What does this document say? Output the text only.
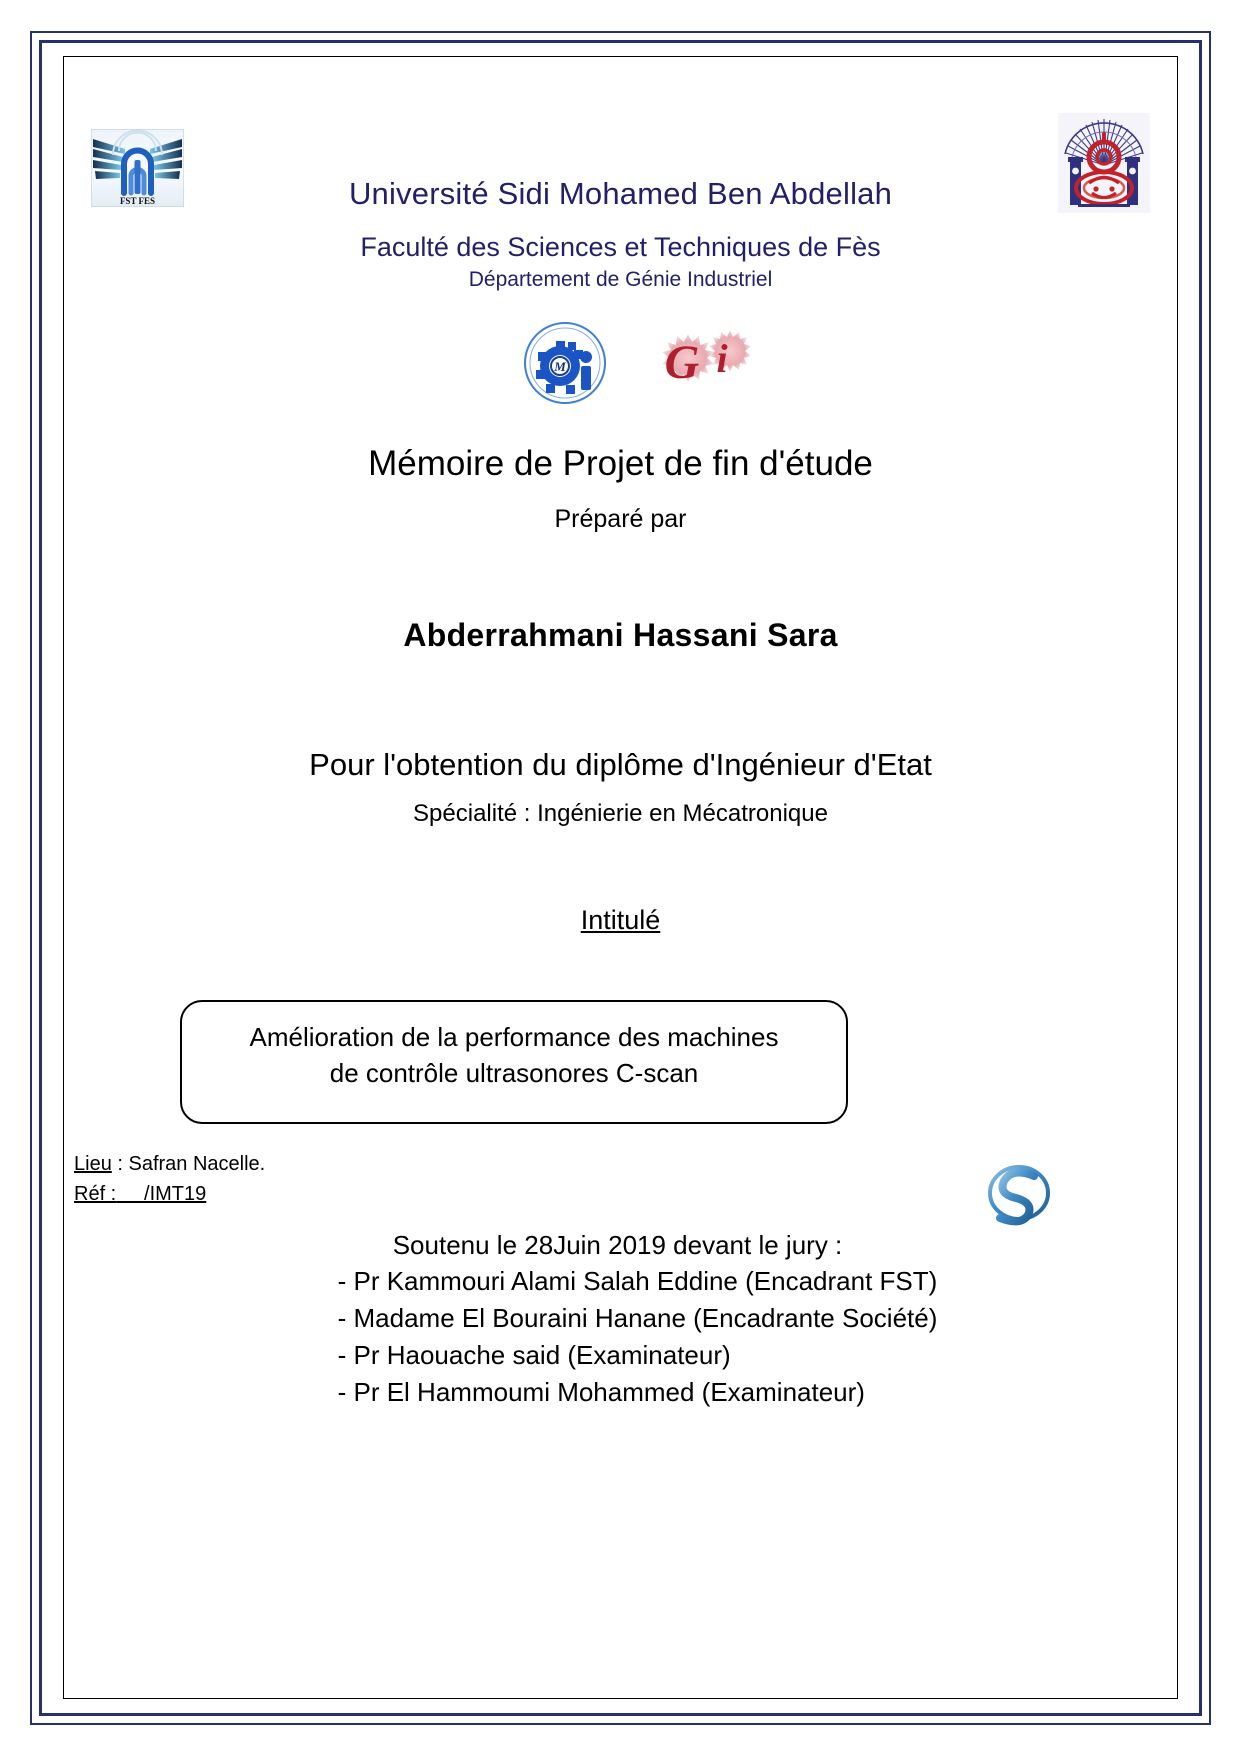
FST FES	Université Sidi Mohamed Ben Abdellah
Faculté des Sciences et Techniques de Fès
Département de Génie Industriel
M G i
Mémoire de Projet de fin d'étude
Préparé par
Abderrahmani Hassani Sara
Pour l'obtention du diplôme d'Ingénieur d'Etat
Spécialité : Ingénierie en Mécatronique
Intitulé
Amélioration de la performance des machines
de contrôle ultrasonores C-scan
Lieu : Safran Nacelle.
Réf :     /IMT19
Soutenu le 28Juin 2019 devant le jury :
- Pr Kammouri Alami Salah Eddine (Encadrant FST)
- Madame El Bouraini Hanane (Encadrante Société)
- Pr Haouache said (Examinateur)
- Pr El Hammoumi Mohammed (Examinateur)
